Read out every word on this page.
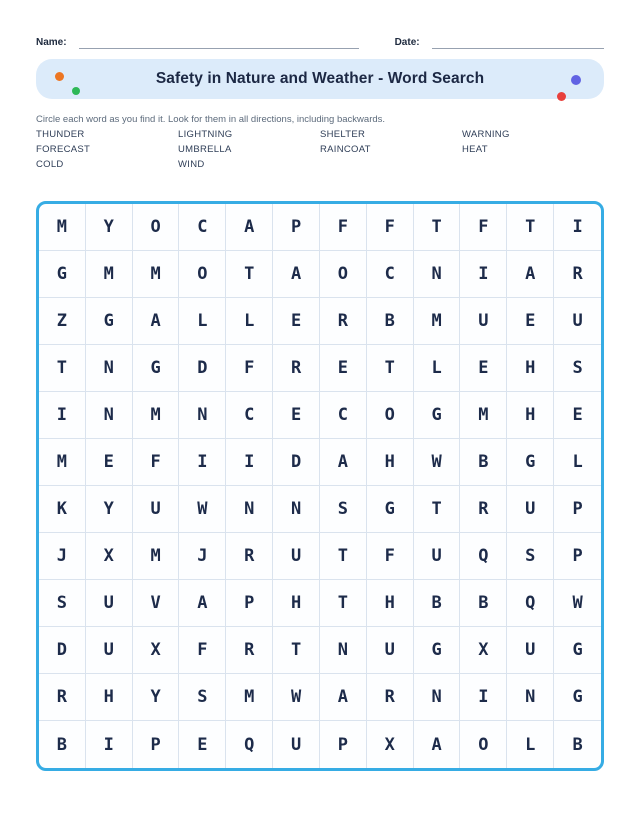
Name:	Date:
Safety in Nature and Weather - Word Search

Circle each word as you find it. Look for them in all directions, including backwards.

THUNDER	LIGHTNING	SHELTER	WARNING
FORECAST	UMBRELLA	RAINCOAT	HEAT
COLD	WIND
M	Y	O	C	A	P	F	F	T	F	T	I
G	M	M	O	T	A	O	C	N	I	A	R
Z	G	A	L	L	E	R	B	M	U	E	U
T	N	G	D	F	R	E	T	L	E	H	S
I	N	M	N	C	E	C	O	G	M	H	E
M	E	F	I	I	D	A	H	W	B	G	L
K	Y	U	W	N	N	S	G	T	R	U	P
J	X	M	J	R	U	T	F	U	Q	S	P
S	U	V	A	P	H	T	H	B	B	Q	W
D	U	X	F	R	T	N	U	G	X	U	G
R	H	Y	S	M	W	A	R	N	I	N	G
B	I	P	E	Q	U	P	X	A	O	L	B
